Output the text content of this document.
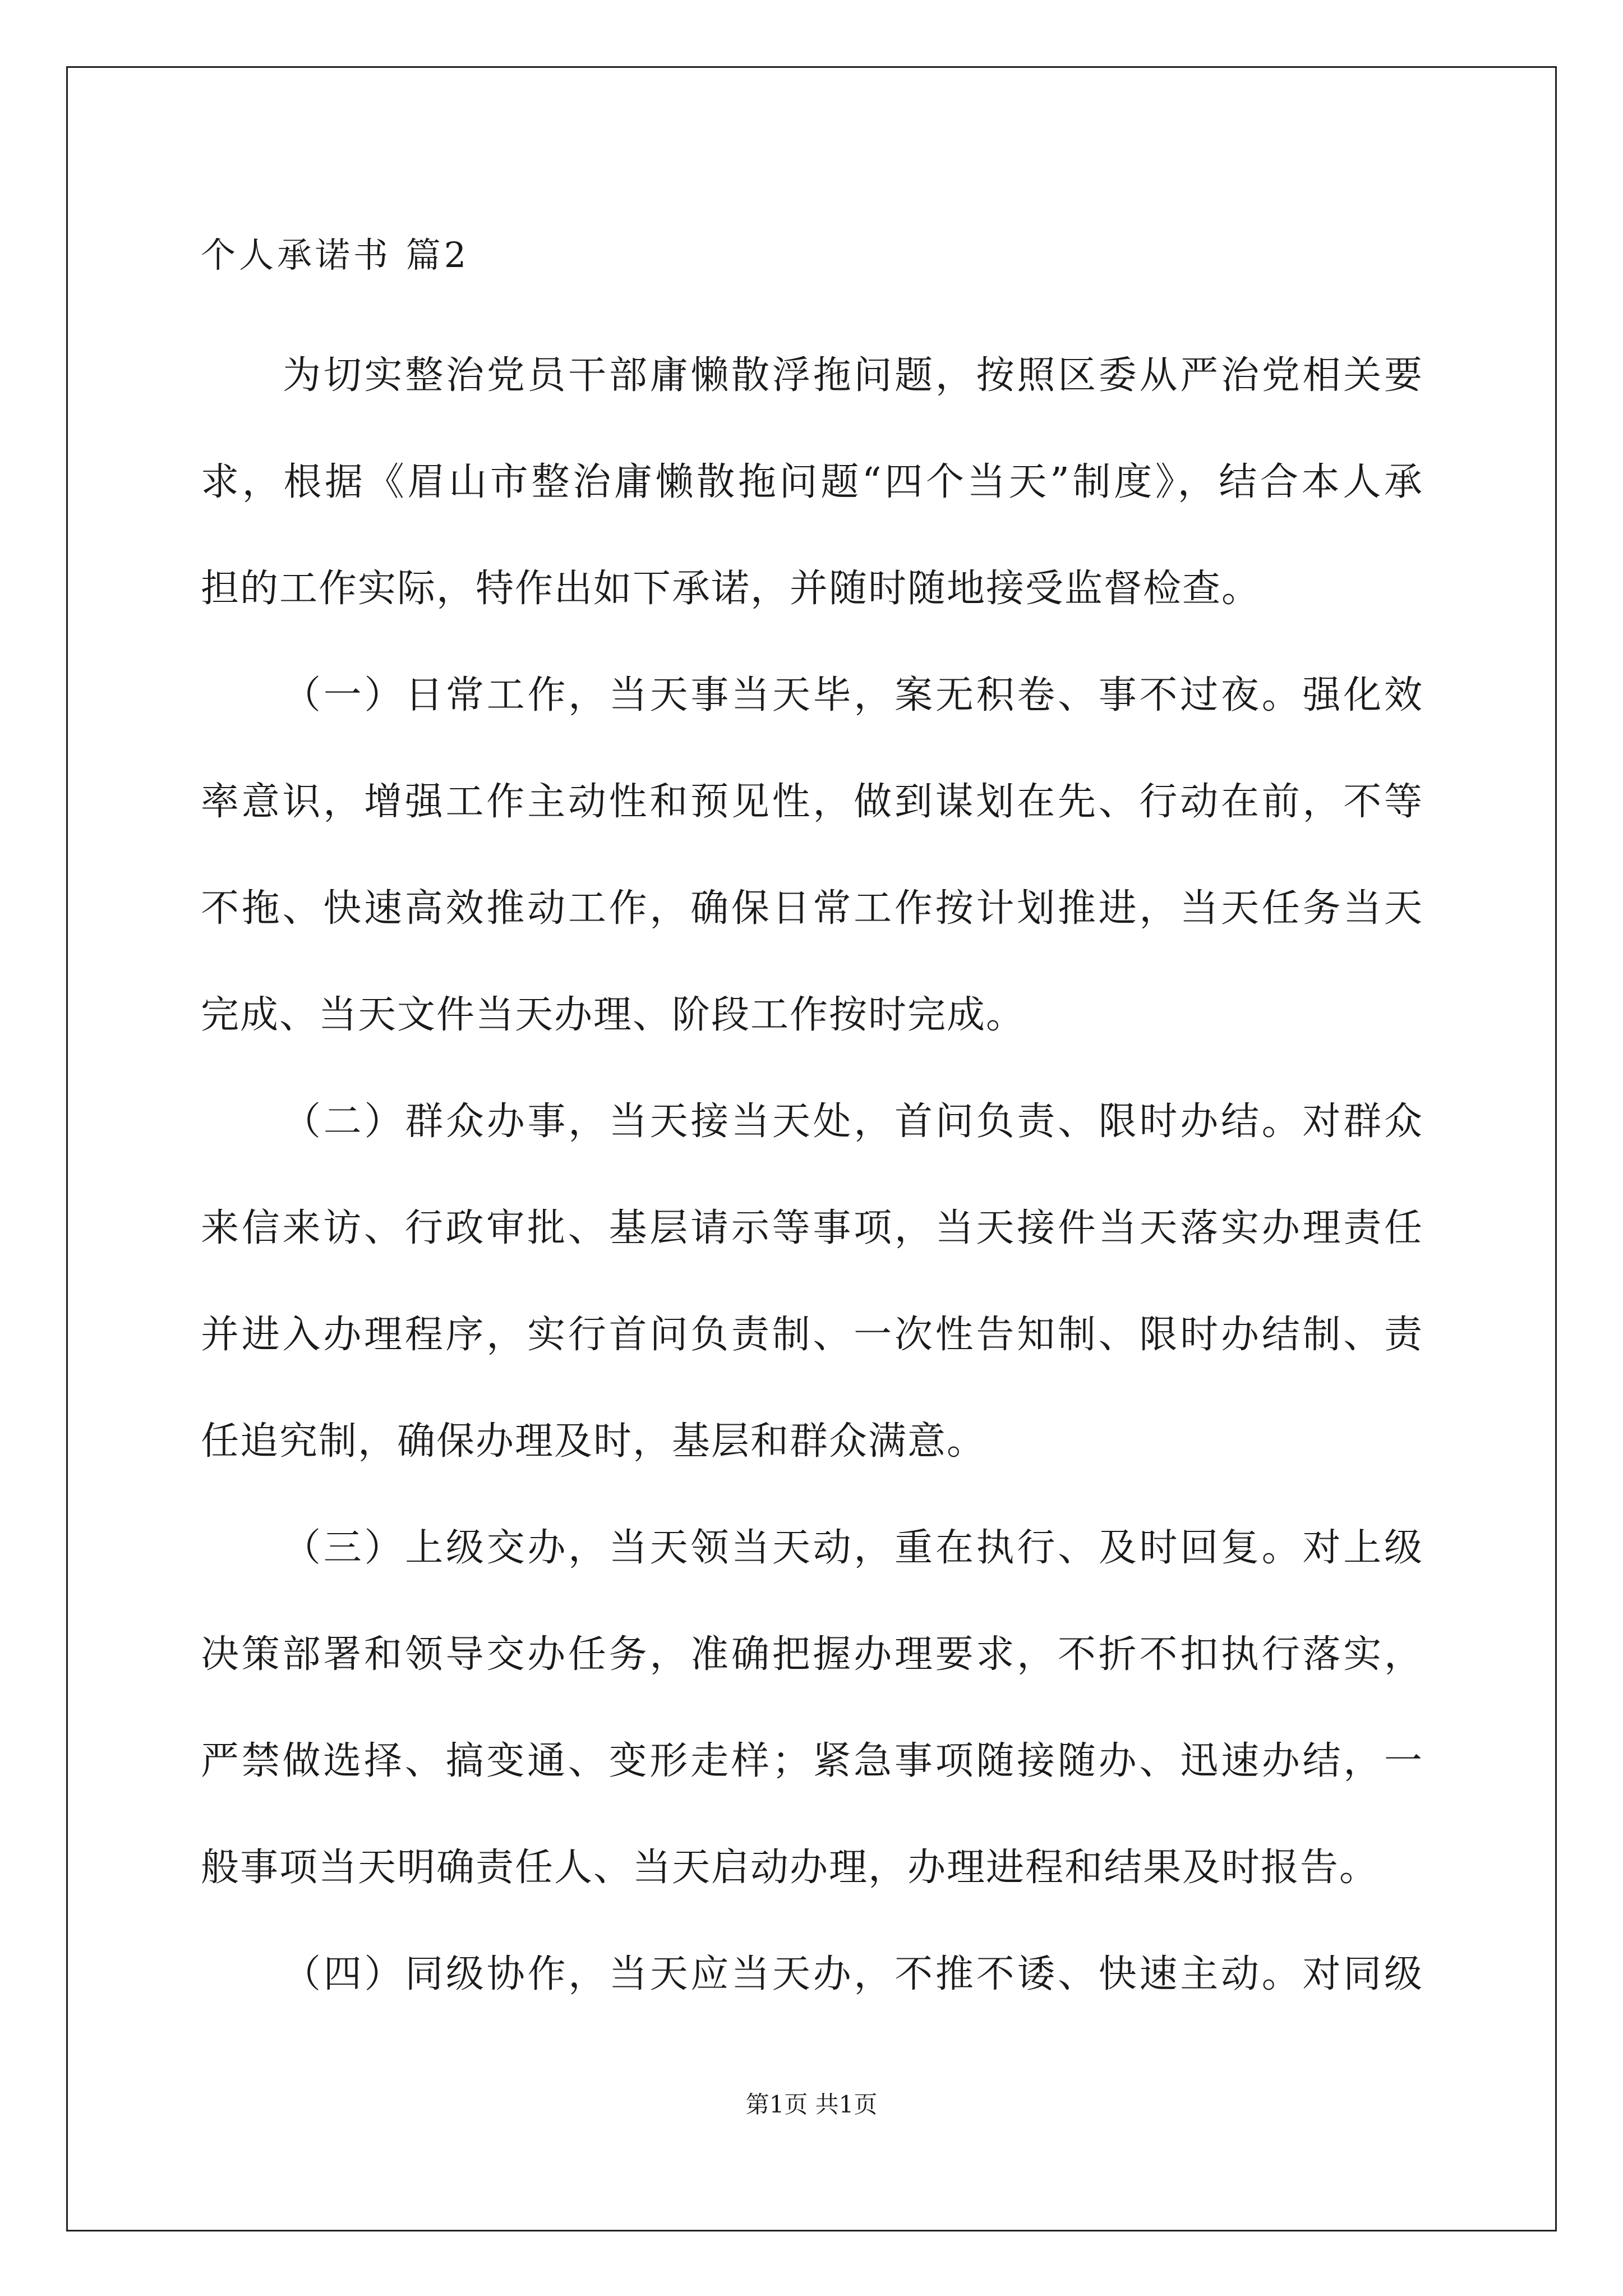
个人承诺书 篇2
为切实整治党员干部庸懒散浮拖问题，按照区委从严治党相关要
求，根据《眉山市整治庸懒散拖问题“四个当天”制度》，结合本人承
担的工作实际，特作出如下承诺，并随时随地接受监督检查。
（一）日常工作，当天事当天毕，案无积卷、事不过夜。强化效
率意识，增强工作主动性和预见性，做到谋划在先、行动在前，不等
不拖、快速高效推动工作，确保日常工作按计划推进，当天任务当天
完成、当天文件当天办理、阶段工作按时完成。
（二）群众办事，当天接当天处，首问负责、限时办结。对群众
来信来访、行政审批、基层请示等事项，当天接件当天落实办理责任
并进入办理程序，实行首问负责制、一次性告知制、限时办结制、责
任追究制，确保办理及时，基层和群众满意。
（三）上级交办，当天领当天动，重在执行、及时回复。对上级
决策部署和领导交办任务，准确把握办理要求，不折不扣执行落实，
严禁做选择、搞变通、变形走样；紧急事项随接随办、迅速办结，一
般事项当天明确责任人、当天启动办理，办理进程和结果及时报告。
（四）同级协作，当天应当天办，不推不诿、快速主动。对同级
第1页 共1页
